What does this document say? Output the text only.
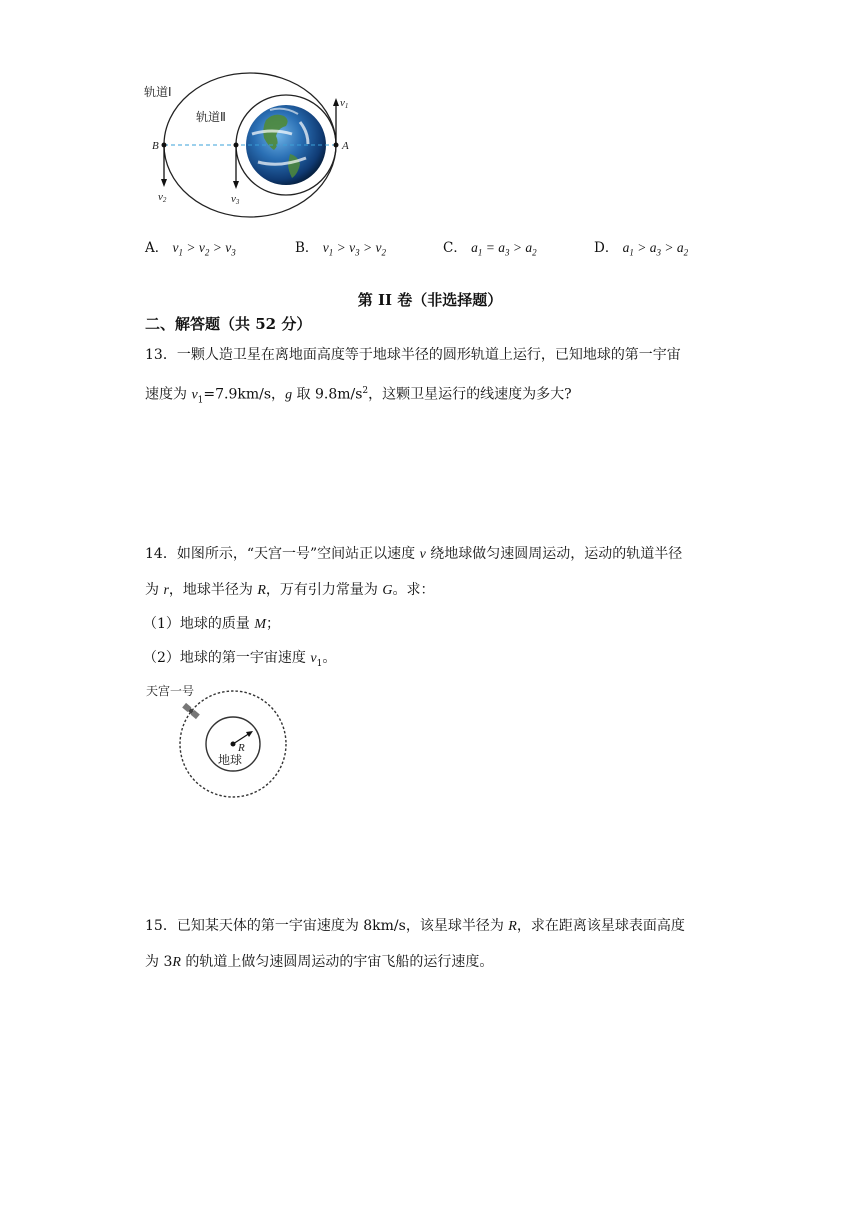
轨道Ⅰ
轨道Ⅱ
B	A
v1
v2	v3
A． $v_1 > v_2 > v_3$	B． $v_1 > v_3 > v_2$	C． $a_1 = a_3 > a_2$	D． $a_1 > a_3 > a_2$
第 II 卷（非选择题）
二、解答题（共 52 分）
13．一颗人造卫星在离地面高度等于地球半径的圆形轨道上运行，已知地球的第一宇宙
速度为 $v_1=7.9km/s$，g 取 $9.8m/s^2$，这颗卫星运行的线速度为多大?
14．如图所示，“天宫一号”空间站正以速度 v 绕地球做匀速圆周运动，运动的轨道半径
为 r，地球半径为 R，万有引力常量为 G。求：
（1）地球的质量 M；
（2）地球的第一宇宙速度 $v_1$。
天宫一号
R
地球
15．已知某天体的第一宇宙速度为 8km/s，该星球半径为 R，求在距离该星球表面高度
为 3R 的轨道上做匀速圆周运动的宇宙飞船的运行速度。
